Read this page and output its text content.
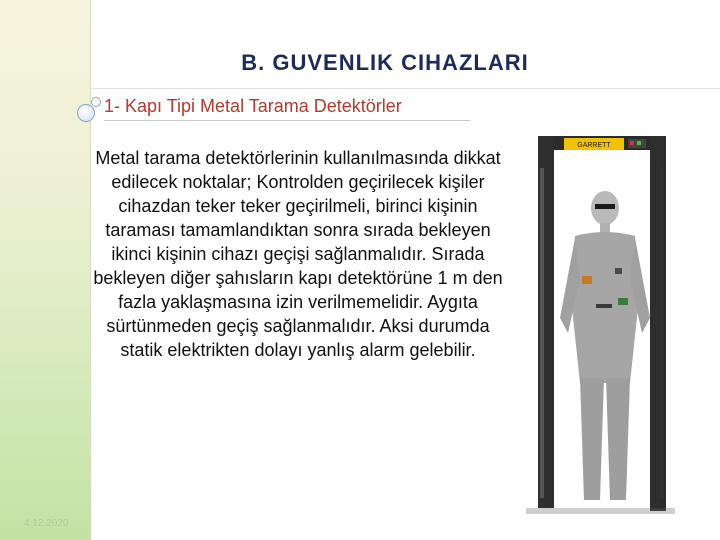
4.12.2020
B. GUVENLIK CIHAZLARI
1- Kapı Tipi Metal Tarama Detektörler
Metal tarama detektörlerinin kullanılmasında dikkat edilecek noktalar; Kontrolden geçirilecek kişiler cihazdan teker teker geçirilmeli, birinci kişinin taraması tamamlandıktan sonra sırada bekleyen ikinci kişinin cihazı geçişi sağlanmalıdır. Sırada bekleyen diğer şahısların kapı detektörüne 1 m den fazla yaklaşmasına izin verilmemelidir. Aygıta sürtünmeden geçiş sağlanmalıdır. Aksi durumda statik elektrikten dolayı yanlış alarm gelebilir.
GARRETT
